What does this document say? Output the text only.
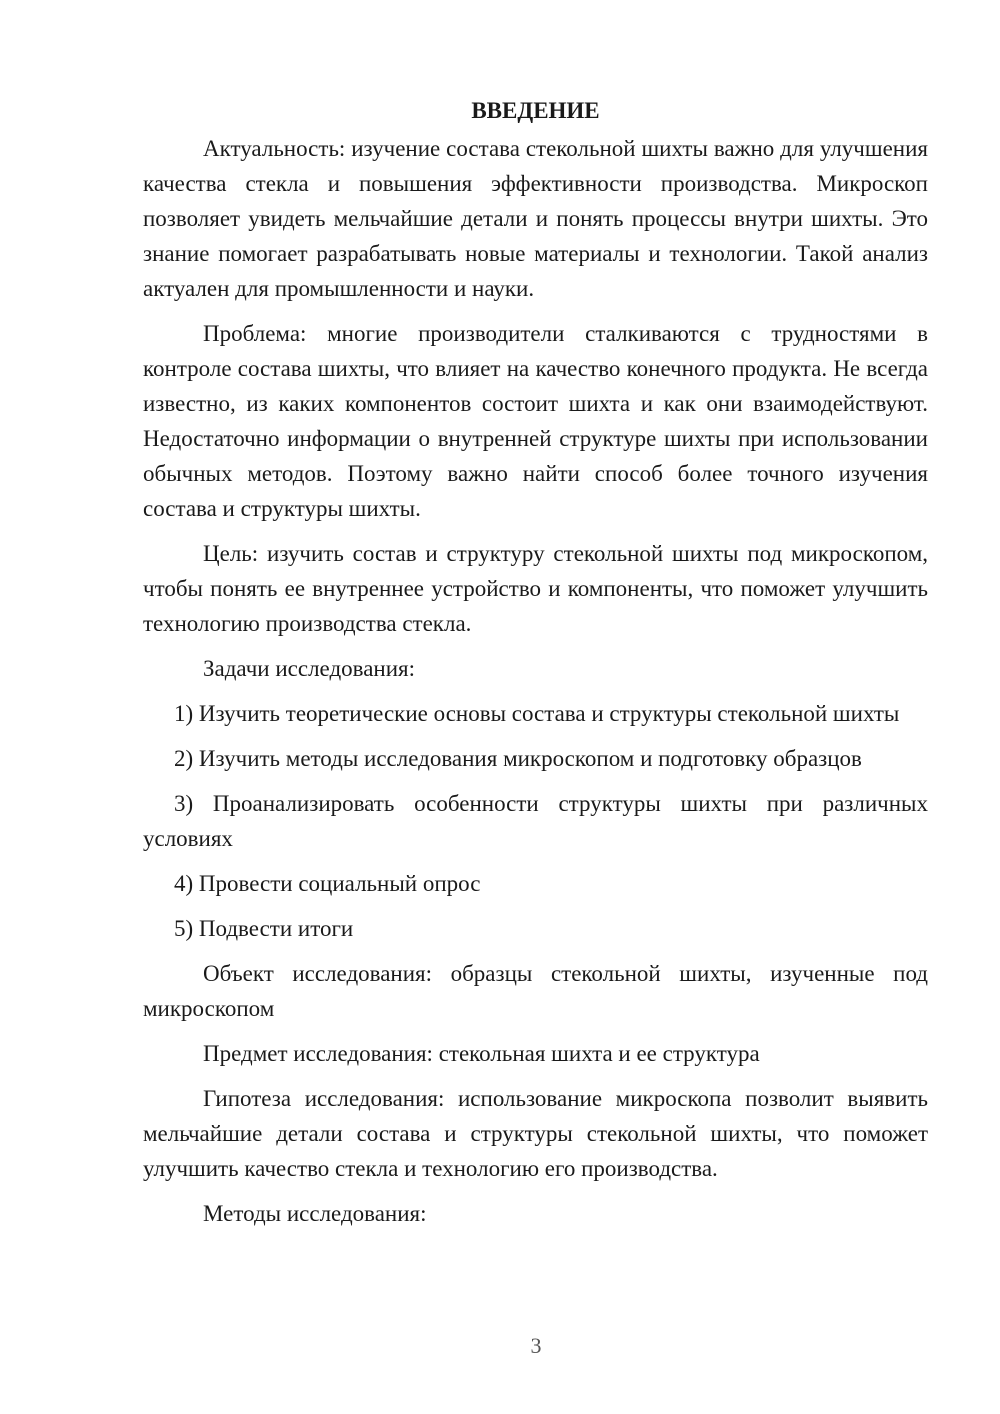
ВВЕДЕНИЕ

Актуальность: изучение состава стекольной шихты важно для улучшения качества стекла и повышения эффективности производства. Микроскоп позволяет увидеть мельчайшие детали и понять процессы внутри шихты. Это знание помогает разрабатывать новые материалы и технологии. Такой анализ актуален для промышленности и науки.

Проблема: многие производители сталкиваются с трудностями в контроле состава шихты, что влияет на качество конечного продукта. Не всегда известно, из каких компонентов состоит шихта и как они взаимодействуют. Недостаточно информации о внутренней структуре шихты при использовании обычных методов. Поэтому важно найти способ более точного изучения состава и структуры шихты.

Цель: изучить состав и структуру стекольной шихты под микроскопом, чтобы понять ее внутреннее устройство и компоненты, что поможет улучшить технологию производства стекла.

Задачи исследования:

1) Изучить теоретические основы состава и структуры стекольной шихты

2) Изучить методы исследования микроскопом и подготовку образцов

3) Проанализировать особенности структуры шихты при различных условиях

4) Провести социальный опрос

5) Подвести итоги

Объект исследования: образцы стекольной шихты, изученные под микроскопом

Предмет исследования: стекольная шихта и ее структура

Гипотеза исследования: использование микроскопа позволит выявить мельчайшие детали состава и структуры стекольной шихты, что поможет улучшить качество стекла и технологию его производства.

Методы исследования:

3
